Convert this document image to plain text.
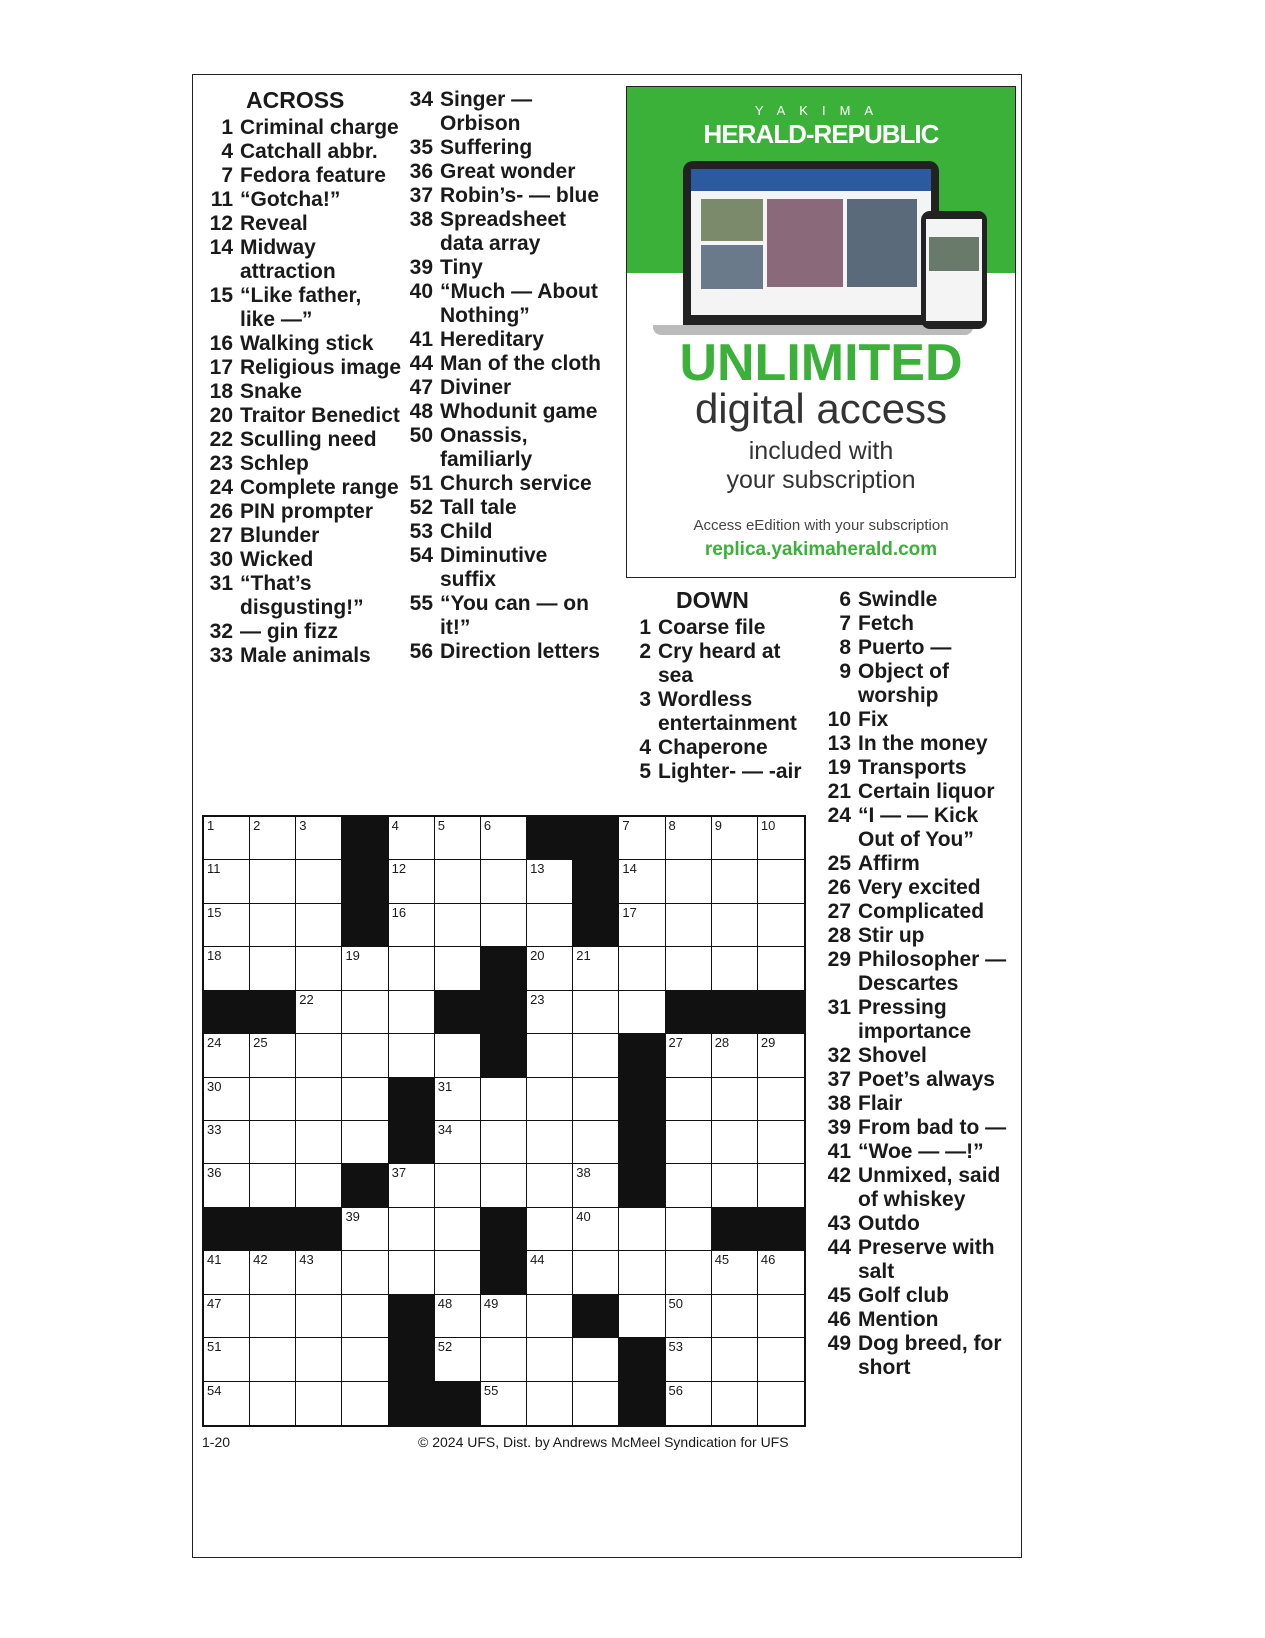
ACROSS
1 Criminal charge
4 Catchall abbr.
7 Fedora feature
11 “Gotcha!”
12 Reveal
14 Midway attraction
15 “Like father, like —”
16 Walking stick
17 Religious image
18 Snake
20 Traitor Benedict
22 Sculling need
23 Schlep
24 Complete range
26 PIN prompter
27 Blunder
30 Wicked
31 “That’s disgusting!”
32 — gin fizz
33 Male animals
34 Singer — Orbison
35 Suffering
36 Great wonder
37 Robin’s- — blue
38 Spreadsheet data array
39 Tiny
40 “Much — About Nothing”
41 Hereditary
44 Man of the cloth
47 Diviner
48 Whodunit game
50 Onassis, familiarly
51 Church service
52 Tall tale
53 Child
54 Diminutive suffix
55 “You can — on it!”
56 Direction letters
YAKIMA
HERALD-REPUBLIC
UNLIMITED
digital access
included with
your subscription
Access eEdition with your subscription
replica.yakimaherald.com
DOWN
1 Coarse file
2 Cry heard at sea
3 Wordless entertainment
4 Chaperone
5 Lighter- — -air
6 Swindle
7 Fetch
8 Puerto —
9 Object of worship
10 Fix
13 In the money
19 Transports
21 Certain liquor
24 “I — — Kick Out of You”
25 Affirm
26 Very excited
27 Complicated
28 Stir up
29 Philosopher — Descartes
31 Pressing importance
32 Shovel
37 Poet’s always
38 Flair
39 From bad to —
41 “Woe — —!”
42 Unmixed, said of whiskey
43 Outdo
44 Preserve with salt
45 Golf club
46 Mention
49 Dog breed, for short
1	2	3	4	5	6	7	8	9	10
11	12	13	14
15	16	17
18	19	20 21
22	23
24 25	27 28 29
30	31
33	34
36	37	38
39	40
41 42 43	44	45 46
47	48 49	50
51	52	53
54	55	56
1-20	© 2024 UFS, Dist. by Andrews McMeel Syndication for UFS
